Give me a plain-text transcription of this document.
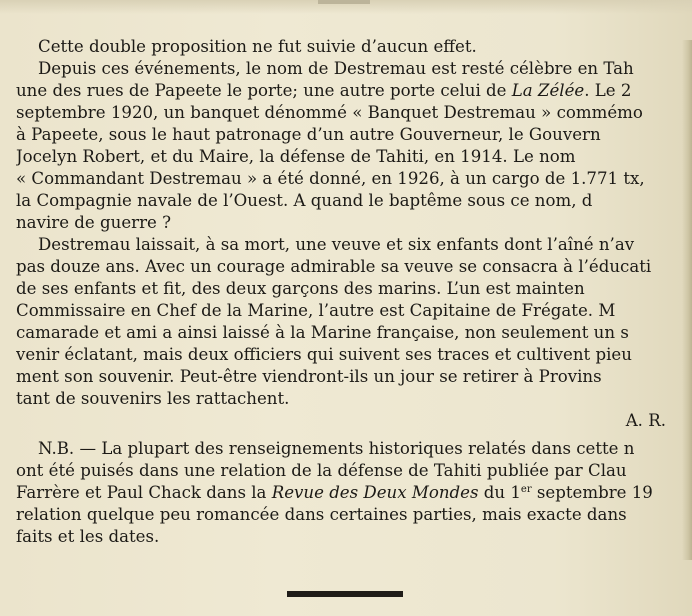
Cette double proposition ne fut suivie d’aucun effet.
Depuis ces événements, le nom de Destremau est resté célèbre en Tah
une des rues de Papeete le porte; une autre porte celui de La Zélée. Le 2
septembre 1920, un banquet dénommé « Banquet Destremau » commémo
à Papeete, sous le haut patronage d’un autre Gouverneur, le Gouvern
Jocelyn Robert, et du Maire, la défense de Tahiti, en 1914. Le nom
« Commandant Destremau » a été donné, en 1926, à un cargo de 1.771 tx,
la Compagnie navale de l’Ouest. A quand le baptême sous ce nom, d
navire de guerre ?
Destremau laissait, à sa mort, une veuve et six enfants dont l’aîné n’av
pas douze ans. Avec un courage admirable sa veuve se consacra à l’éducati
de ses enfants et fit, des deux garçons des marins. L’un est mainten
Commissaire en Chef de la Marine, l’autre est Capitaine de Frégate. M
camarade et ami a ainsi laissé à la Marine française, non seulement un s
venir éclatant, mais deux officiers qui suivent ses traces et cultivent pieu
ment son souvenir. Peut-être viendront-ils un jour se retirer à Provins
tant de souvenirs les rattachent.
A. R.
N.B. — La plupart des renseignements historiques relatés dans cette n
ont été puisés dans une relation de la défense de Tahiti publiée par Clau
Farrère et Paul Chack dans la Revue des Deux Mondes du 1er septembre 19
relation quelque peu romancée dans certaines parties, mais exacte dans
faits et les dates.
